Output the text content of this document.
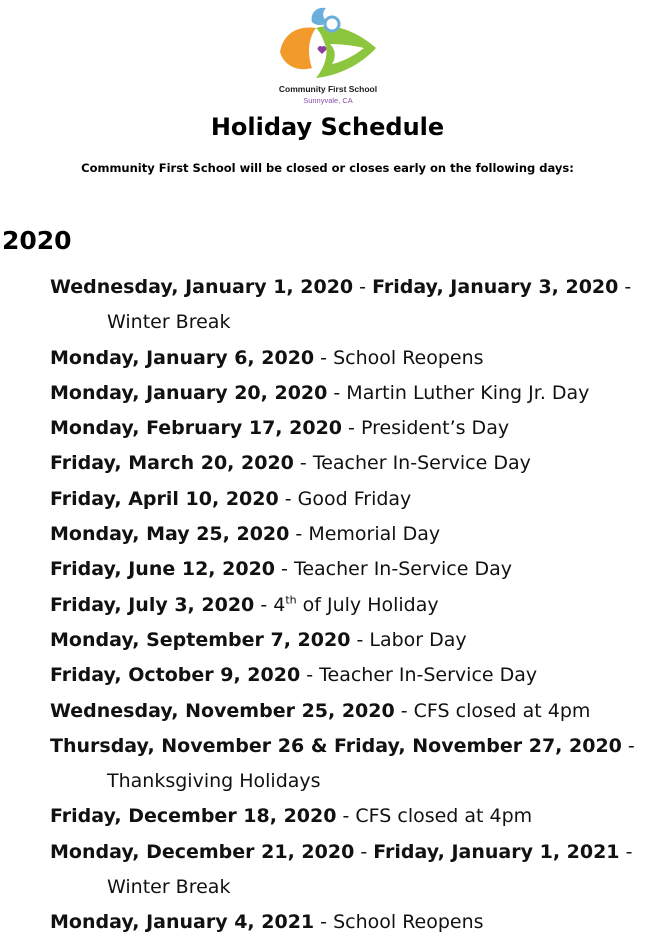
Community First School
Sunnyvale, CA
Holiday Schedule
Community First School will be closed or closes early on the following days:
2020
Wednesday, January 1, 2020 - Friday, January 3, 2020 -
Winter Break
Monday, January 6, 2020 - School Reopens
Monday, January 20, 2020 - Martin Luther King Jr. Day
Monday, February 17, 2020 - President’s Day
Friday, March 20, 2020 - Teacher In-Service Day
Friday, April 10, 2020 - Good Friday
Monday, May 25, 2020 - Memorial Day
Friday, June 12, 2020 - Teacher In-Service Day
Friday, July 3, 2020 - 4th of July Holiday
Monday, September 7, 2020 - Labor Day
Friday, October 9, 2020 - Teacher In-Service Day
Wednesday, November 25, 2020 - CFS closed at 4pm
Thursday, November 26 & Friday, November 27, 2020 -
Thanksgiving Holidays
Friday, December 18, 2020 - CFS closed at 4pm
Monday, December 21, 2020 - Friday, January 1, 2021 -
Winter Break
Monday, January 4, 2021 - School Reopens
